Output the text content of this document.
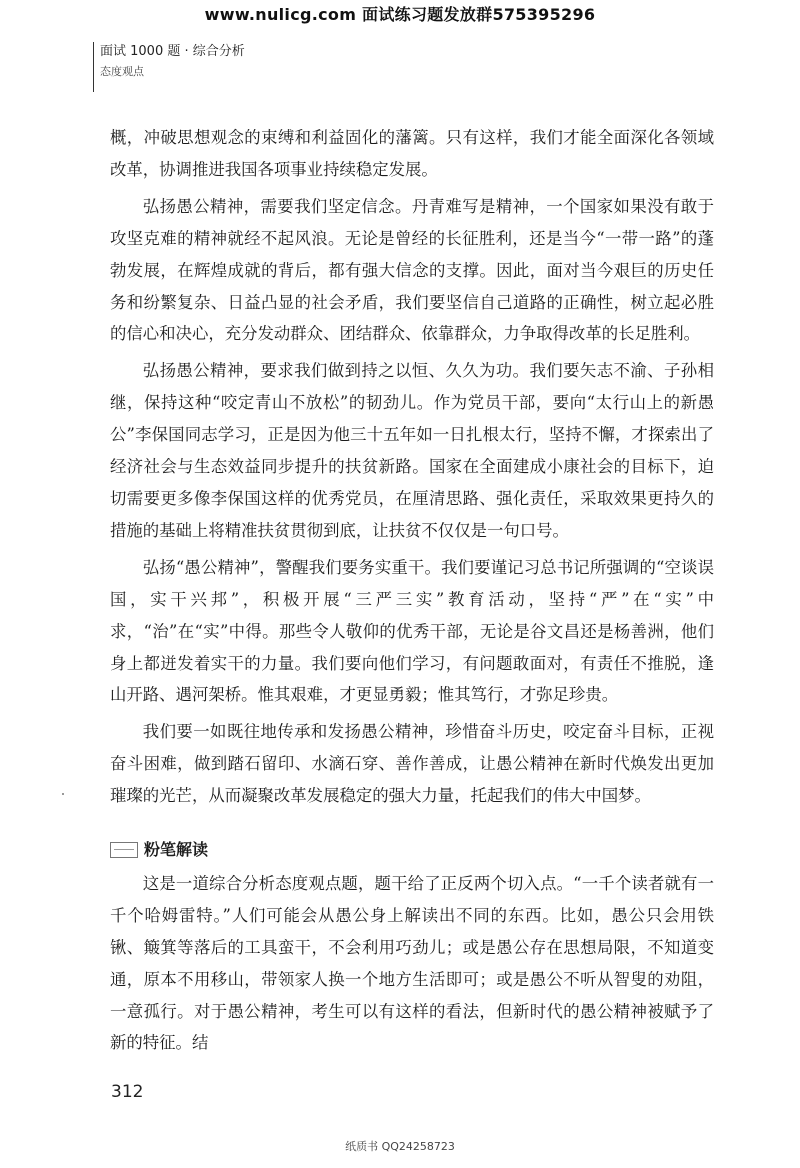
www.nulicg.com 面试练习题发放群575395296
面试 1000 题 · 综合分析
态度观点

概，冲破思想观念的束缚和利益固化的藩篱。只有这样，我们才能全面深化各领域改革，协调推进我国各项事业持续稳定发展。

弘扬愚公精神，需要我们坚定信念。丹青难写是精神，一个国家如果没有敢于攻坚克难的精神就经不起风浪。无论是曾经的长征胜利，还是当今“一带一路”的蓬勃发展，在辉煌成就的背后，都有强大信念的支撑。因此，面对当今艰巨的历史任务和纷繁复杂、日益凸显的社会矛盾，我们要坚信自己道路的正确性，树立起必胜的信心和决心，充分发动群众、团结群众、依靠群众，力争取得改革的长足胜利。

弘扬愚公精神，要求我们做到持之以恒、久久为功。我们要矢志不渝、子孙相继，保持这种“咬定青山不放松”的韧劲儿。作为党员干部，要向“太行山上的新愚公”李保国同志学习，正是因为他三十五年如一日扎根太行，坚持不懈，才探索出了经济社会与生态效益同步提升的扶贫新路。国家在全面建成小康社会的目标下，迫切需要更多像李保国这样的优秀党员，在厘清思路、强化责任，采取效果更持久的措施的基础上将精准扶贫贯彻到底，让扶贫不仅仅是一句口号。

弘扬“愚公精神”，警醒我们要务实重干。我们要谨记习总书记所强调的“空谈误国，实干兴邦”，积极开展“三严三实”教育活动，坚持“严”在“实”中求，“治”在“实”中得。那些令人敬仰的优秀干部，无论是谷文昌还是杨善洲，他们身上都迸发着实干的力量。我们要向他们学习，有问题敢面对，有责任不推脱，逢山开路、遇河架桥。惟其艰难，才更显勇毅；惟其笃行，才弥足珍贵。

我们要一如既往地传承和发扬愚公精神，珍惜奋斗历史，咬定奋斗目标，正视奋斗困难，做到踏石留印、水滴石穿、善作善成，让愚公精神在新时代焕发出更加璀璨的光芒，从而凝聚改革发展稳定的强大力量，托起我们的伟大中国梦。

粉笔解读

这是一道综合分析态度观点题，题干给了正反两个切入点。“一千个读者就有一千个哈姆雷特。”人们可能会从愚公身上解读出不同的东西。比如，愚公只会用铁锹、簸箕等落后的工具蛮干，不会利用巧劲儿；或是愚公存在思想局限，不知道变通，原本不用移山，带领家人换一个地方生活即可；或是愚公不听从智叟的劝阻，一意孤行。对于愚公精神，考生可以有这样的看法，但新时代的愚公精神被赋予了新的特征。结

312
纸质书 QQ24258723
